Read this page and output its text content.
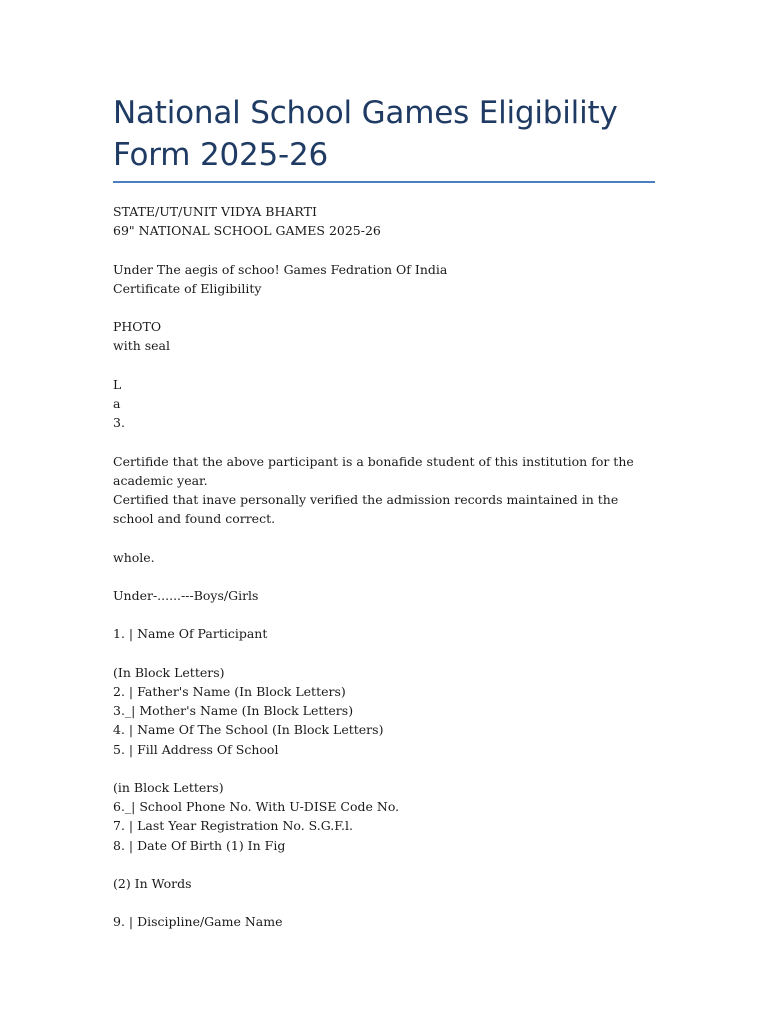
National School Games Eligibility Form 2025-26
STATE/UT/UNIT VIDYA BHARTI
69" NATIONAL SCHOOL GAMES 2025-26
Under The aegis of schoo! Games Fedration Of India
Certificate of Eligibility
PHOTO
with seal
L
a
3.
Certifide that the above participant is a bonafide student of this institution for the academic year.
Certified that inave personally verified the admission records maintained in the school and found correct.
whole.
Under-......---Boys/Girls
1. | Name Of Participant
(In Block Letters)
2. | Father's Name (In Block Letters)
3._| Mother's Name (In Block Letters)
4. | Name Of The School (In Block Letters)
5. | Fill Address Of School
(in Block Letters)
6._| School Phone No. With U-DISE Code No.
7. | Last Year Registration No. S.G.F.l.
8. | Date Of Birth (1) In Fig
(2) In Words
9. | Discipline/Game Name
